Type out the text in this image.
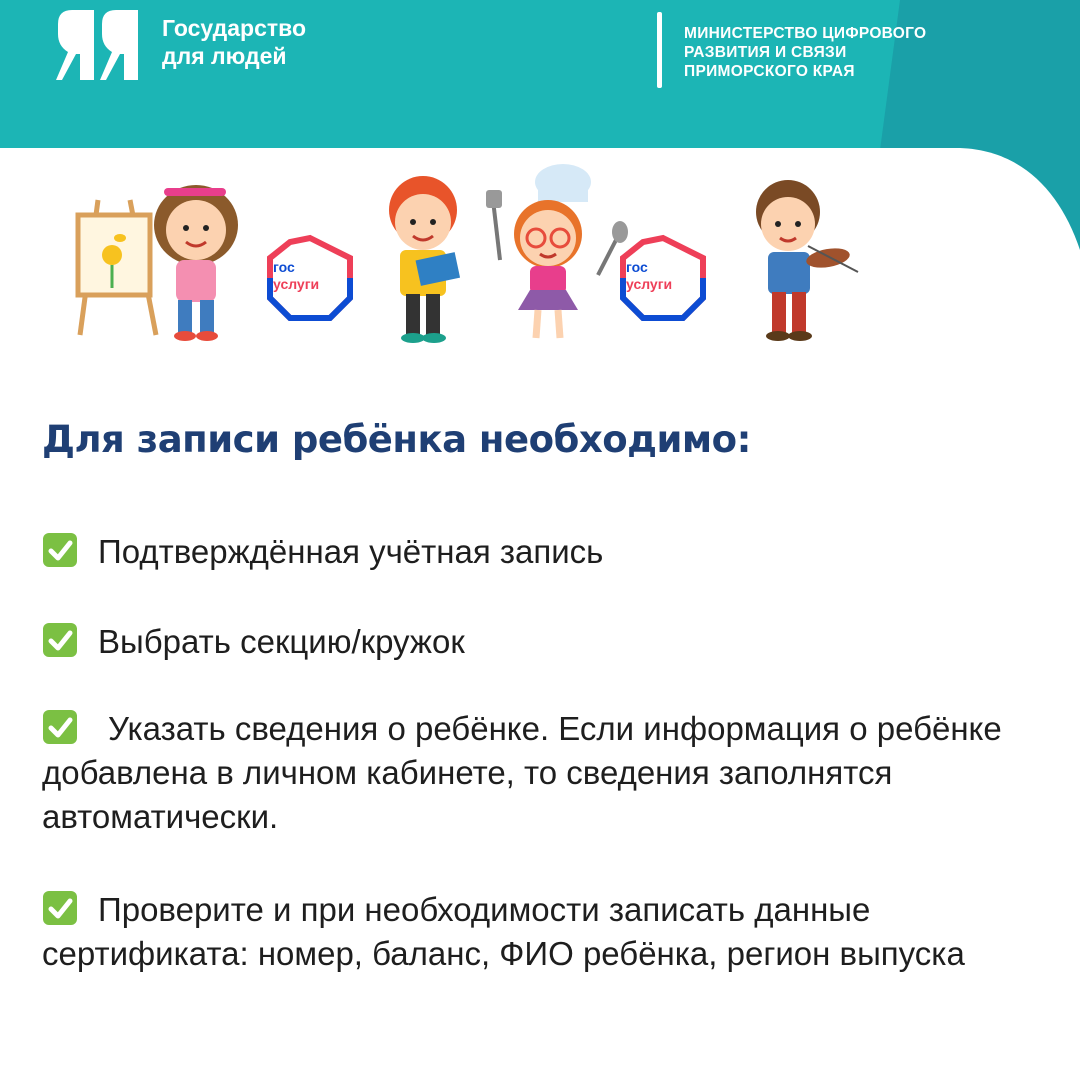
Государство
для людей
МИНИСТЕРСТВО ЦИФРОВОГО
РАЗВИТИЯ И СВЯЗИ
ПРИМОРСКОГО КРАЯ
гос
услуги
гос
услуги
Для записи ребёнка необходимо:
Подтверждённая учётная запись
Выбрать секцию/кружок
Указать сведения о ребёнке. Если информация о ребёнке добавлена в личном кабинете, то сведения заполнятся автоматически.
Проверите и при необходимости записать данные сертификата: номер, баланс, ФИО ребёнка, регион выпуска
